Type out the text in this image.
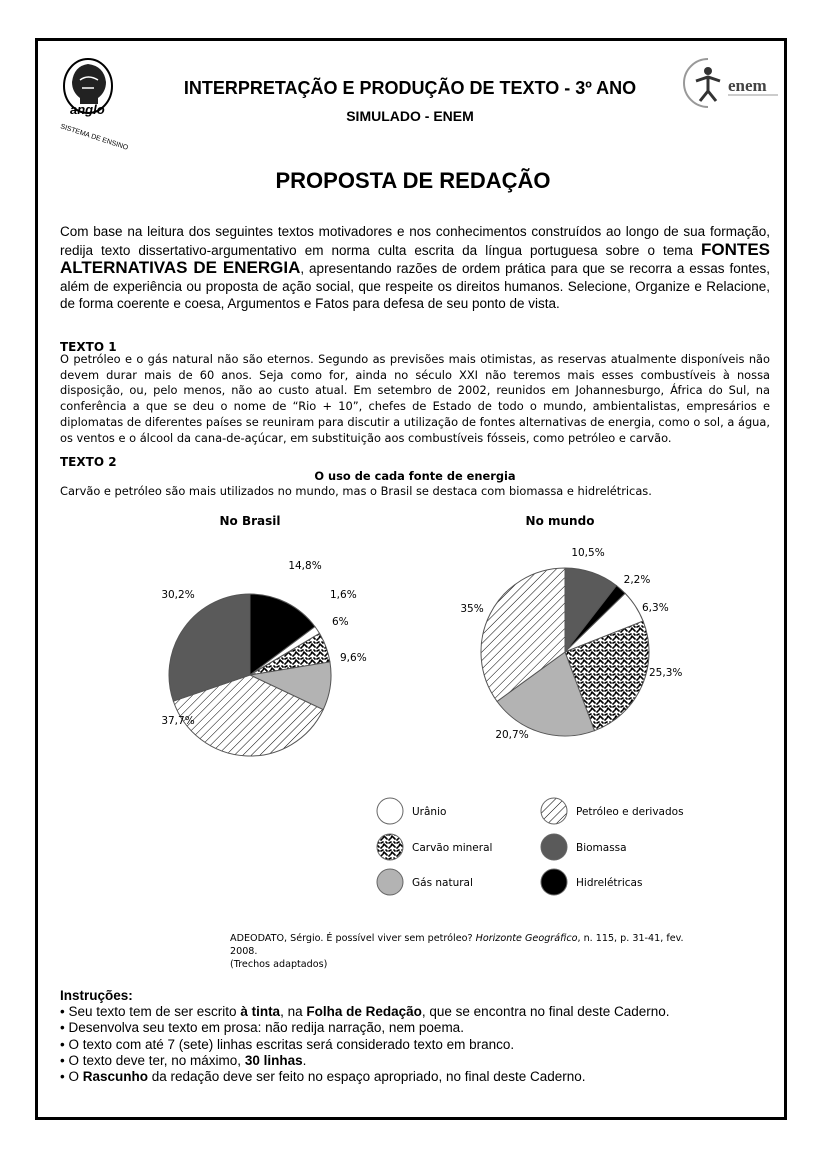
anglo
SISTEMA DE ENSINO
enem
INTERPRETAÇÃO E PRODUÇÃO DE TEXTO - 3º ANO
SIMULADO - ENEM
PROPOSTA DE REDAÇÃO
Com base na leitura dos seguintes textos motivadores e nos conhecimentos construídos ao longo de sua formação, redija texto dissertativo-argumentativo em norma culta escrita da língua portuguesa sobre o tema FONTES ALTERNATIVAS DE ENERGIA, apresentando razões de ordem prática para que se recorra a essas fontes, além de experiência ou proposta de ação social, que respeite os direitos humanos. Selecione, Organize e Relacione, de forma coerente e coesa, Argumentos e Fatos para defesa de seu ponto de vista.
TEXTO 1
O petróleo e o gás natural não são eternos. Segundo as previsões mais otimistas, as reservas atualmente disponíveis não devem durar mais de 60 anos. Seja como for, ainda no século XXI não teremos mais esses combustíveis à nossa disposição, ou, pelo menos, não ao custo atual. Em setembro de 2002, reunidos em Johannesburgo, África do Sul, na conferência a que se deu o nome de “Rio + 10”, chefes de Estado de todo o mundo, ambientalistas, empresários e diplomatas de diferentes países se reuniram para discutir a utilização de fontes alternativas de energia, como o sol, a água, os ventos e o álcool da cana-de-açúcar, em substituição aos combustíveis fósseis, como petróleo e carvão.
TEXTO 2
O uso de cada fonte de energia
Carvão e petróleo são mais utilizados no mundo, mas o Brasil se destaca com biomassa e hidrelétricas.
No Brasil
14,8%
1,6%
6%
9,6%
37,7%
30,2%
No mundo
10,5%
2,2%
6,3%
25,3%
20,7%
35%
Urânio
Carvão mineral
Gás natural
Petróleo e derivados
Biomassa
Hidrelétricas
ADEODATO, Sérgio. É possível viver sem petróleo? Horizonte Geográfico, n. 115, p. 31-41, fev. 2008.
(Trechos adaptados)
Instruções:
• Seu texto tem de ser escrito à tinta, na Folha de Redação, que se encontra no final deste Caderno.
• Desenvolva seu texto em prosa: não redija narração, nem poema.
• O texto com até 7 (sete) linhas escritas será considerado texto em branco.
• O texto deve ter, no máximo, 30 linhas.
• O Rascunho da redação deve ser feito no espaço apropriado, no final deste Caderno.
